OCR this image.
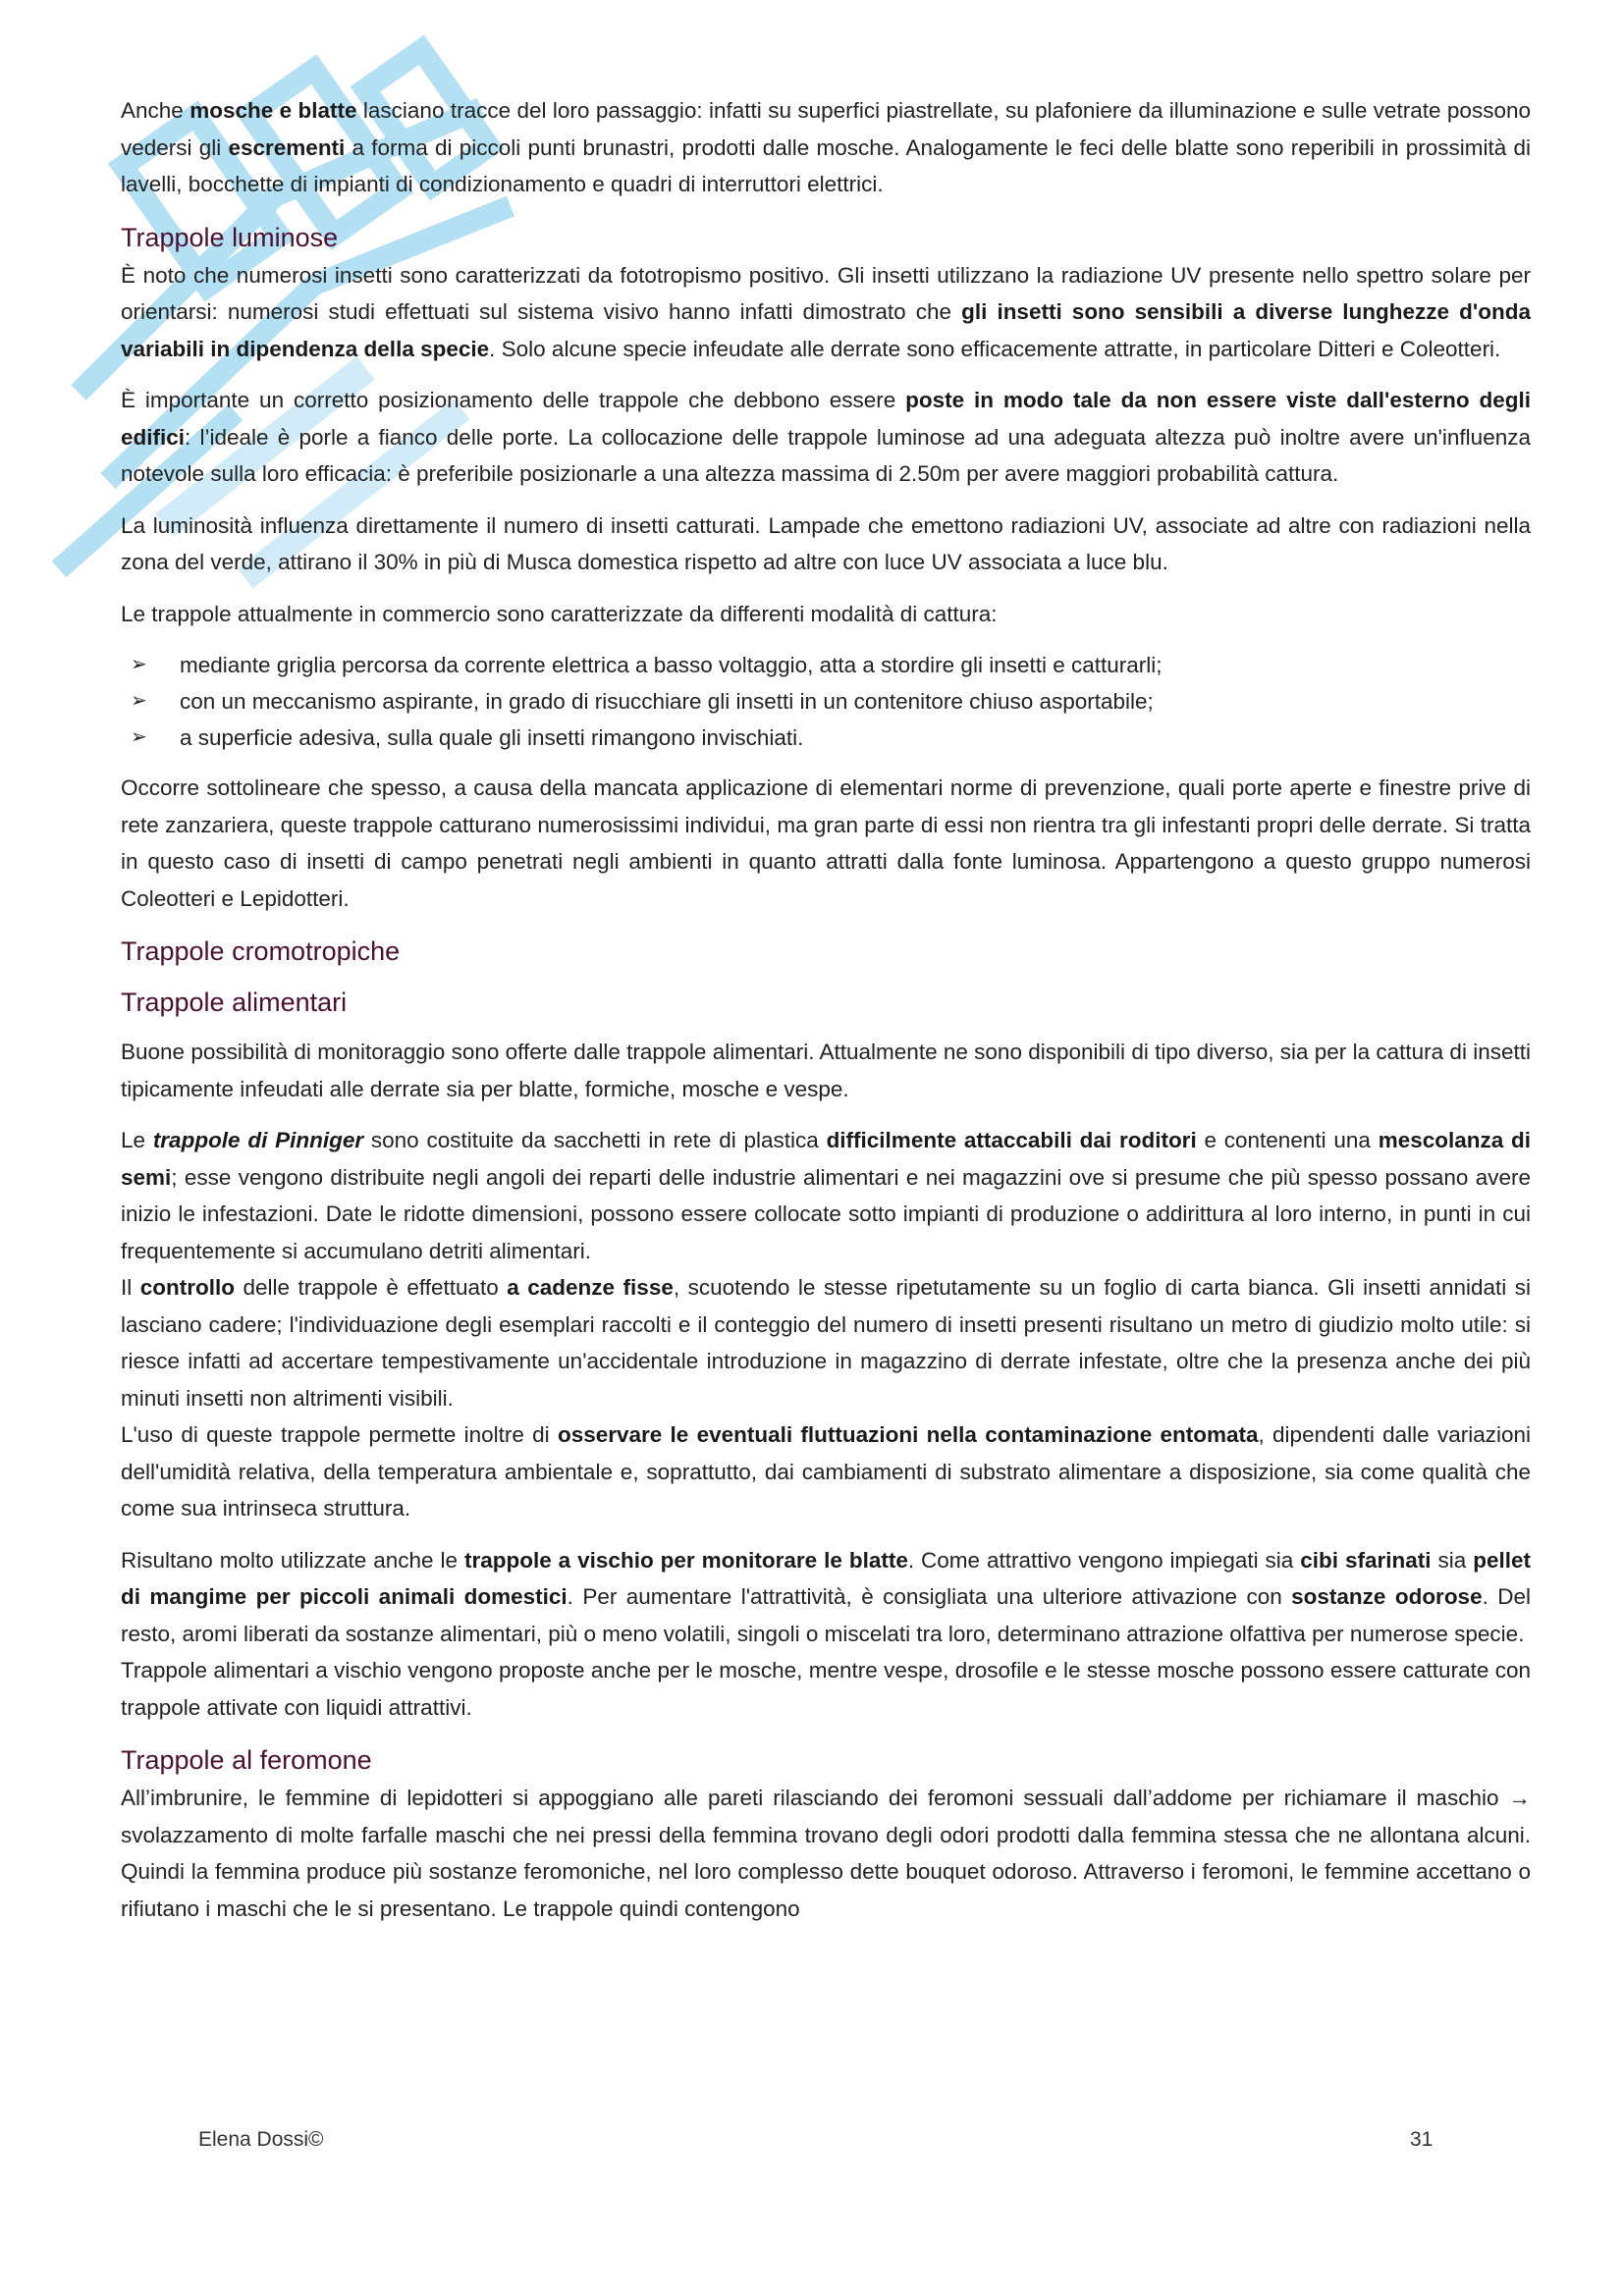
Anche mosche e blatte lasciano tracce del loro passaggio: infatti su superfici piastrellate, su plafoniere da illuminazione e sulle vetrate possono vedersi gli escrementi a forma di piccoli punti brunastri, prodotti dalle mosche. Analogamente le feci delle blatte sono reperibili in prossimità di lavelli, bocchette di impianti di condizionamento e quadri di interruttori elettrici.

Trappole luminose

È noto che numerosi insetti sono caratterizzati da fototropismo positivo. Gli insetti utilizzano la radiazione UV presente nello spettro solare per orientarsi: numerosi studi effettuati sul sistema visivo hanno infatti dimostrato che gli insetti sono sensibili a diverse lunghezze d'onda variabili in dipendenza della specie. Solo alcune specie infeudate alle derrate sono efficacemente attratte, in particolare Ditteri e Coleotteri.

È importante un corretto posizionamento delle trappole che debbono essere poste in modo tale da non essere viste dall'esterno degli edifici: l’ideale è porle a fianco delle porte. La collocazione delle trappole luminose ad una adeguata altezza può inoltre avere un'influenza notevole sulla loro efficacia: è preferibile posizionarle a una altezza massima di 2.50m per avere maggiori probabilità cattura.

La luminosità influenza direttamente il numero di insetti catturati. Lampade che emettono radiazioni UV, associate ad altre con radiazioni nella zona del verde, attirano il 30% in più di Musca domestica rispetto ad altre con luce UV associata a luce blu.

Le trappole attualmente in commercio sono caratterizzate da differenti modalità di cattura:

➢ mediante griglia percorsa da corrente elettrica a basso voltaggio, atta a stordire gli insetti e catturarli;
➢ con un meccanismo aspirante, in grado di risucchiare gli insetti in un contenitore chiuso asportabile;
➢ a superficie adesiva, sulla quale gli insetti rimangono invischiati.

Occorre sottolineare che spesso, a causa della mancata applicazione di elementari norme di prevenzione, quali porte aperte e finestre prive di rete zanzariera, queste trappole catturano numerosissimi individui, ma gran parte di essi non rientra tra gli infestanti propri delle derrate. Si tratta in questo caso di insetti di campo penetrati negli ambienti in quanto attratti dalla fonte luminosa. Appartengono a questo gruppo numerosi Coleotteri e Lepidotteri.

Trappole cromotropiche
Trappole alimentari

Buone possibilità di monitoraggio sono offerte dalle trappole alimentari. Attualmente ne sono disponibili di tipo diverso, sia per la cattura di insetti tipicamente infeudati alle derrate sia per blatte, formiche, mosche e vespe.

Le trappole di Pinniger sono costituite da sacchetti in rete di plastica difficilmente attaccabili dai roditori e contenenti una mescolanza di semi; esse vengono distribuite negli angoli dei reparti delle industrie alimentari e nei magazzini ove si presume che più spesso possano avere inizio le infestazioni. Date le ridotte dimensioni, possono essere collocate sotto impianti di produzione o addirittura al loro interno, in punti in cui frequentemente si accumulano detriti alimentari.

Il controllo delle trappole è effettuato a cadenze fisse, scuotendo le stesse ripetutamente su un foglio di carta bianca. Gli insetti annidati si lasciano cadere; l'individuazione degli esemplari raccolti e il conteggio del numero di insetti presenti risultano un metro di giudizio molto utile: si riesce infatti ad accertare tempestivamente un'accidentale introduzione in magazzino di derrate infestate, oltre che la presenza anche dei più minuti insetti non altrimenti visibili.

L'uso di queste trappole permette inoltre di osservare le eventuali fluttuazioni nella contaminazione entomata, dipendenti dalle variazioni dell'umidità relativa, della temperatura ambientale e, soprattutto, dai cambiamenti di substrato alimentare a disposizione, sia come qualità che come sua intrinseca struttura.

Risultano molto utilizzate anche le trappole a vischio per monitorare le blatte. Come attrattivo vengono impiegati sia cibi sfarinati sia pellet di mangime per piccoli animali domestici. Per aumentare l'attrattività, è consigliata una ulteriore attivazione con sostanze odorose. Del resto, aromi liberati da sostanze alimentari, più o meno volatili, singoli o miscelati tra loro, determinano attrazione olfattiva per numerose specie.

Trappole alimentari a vischio vengono proposte anche per le mosche, mentre vespe, drosofile e le stesse mosche possono essere catturate con trappole attivate con liquidi attrattivi.

Trappole al feromone

All’imbrunire, le femmine di lepidotteri si appoggiano alle pareti rilasciando dei feromoni sessuali dall’addome per richiamare il maschio → svolazzamento di molte farfalle maschi che nei pressi della femmina trovano degli odori prodotti dalla femmina stessa che ne allontana alcuni. Quindi la femmina produce più sostanze feromoniche, nel loro complesso dette bouquet odoroso. Attraverso i feromoni, le femmine accettano o rifiutano i maschi che le si presentano. Le trappole quindi contengono

Elena Dossi©	31
